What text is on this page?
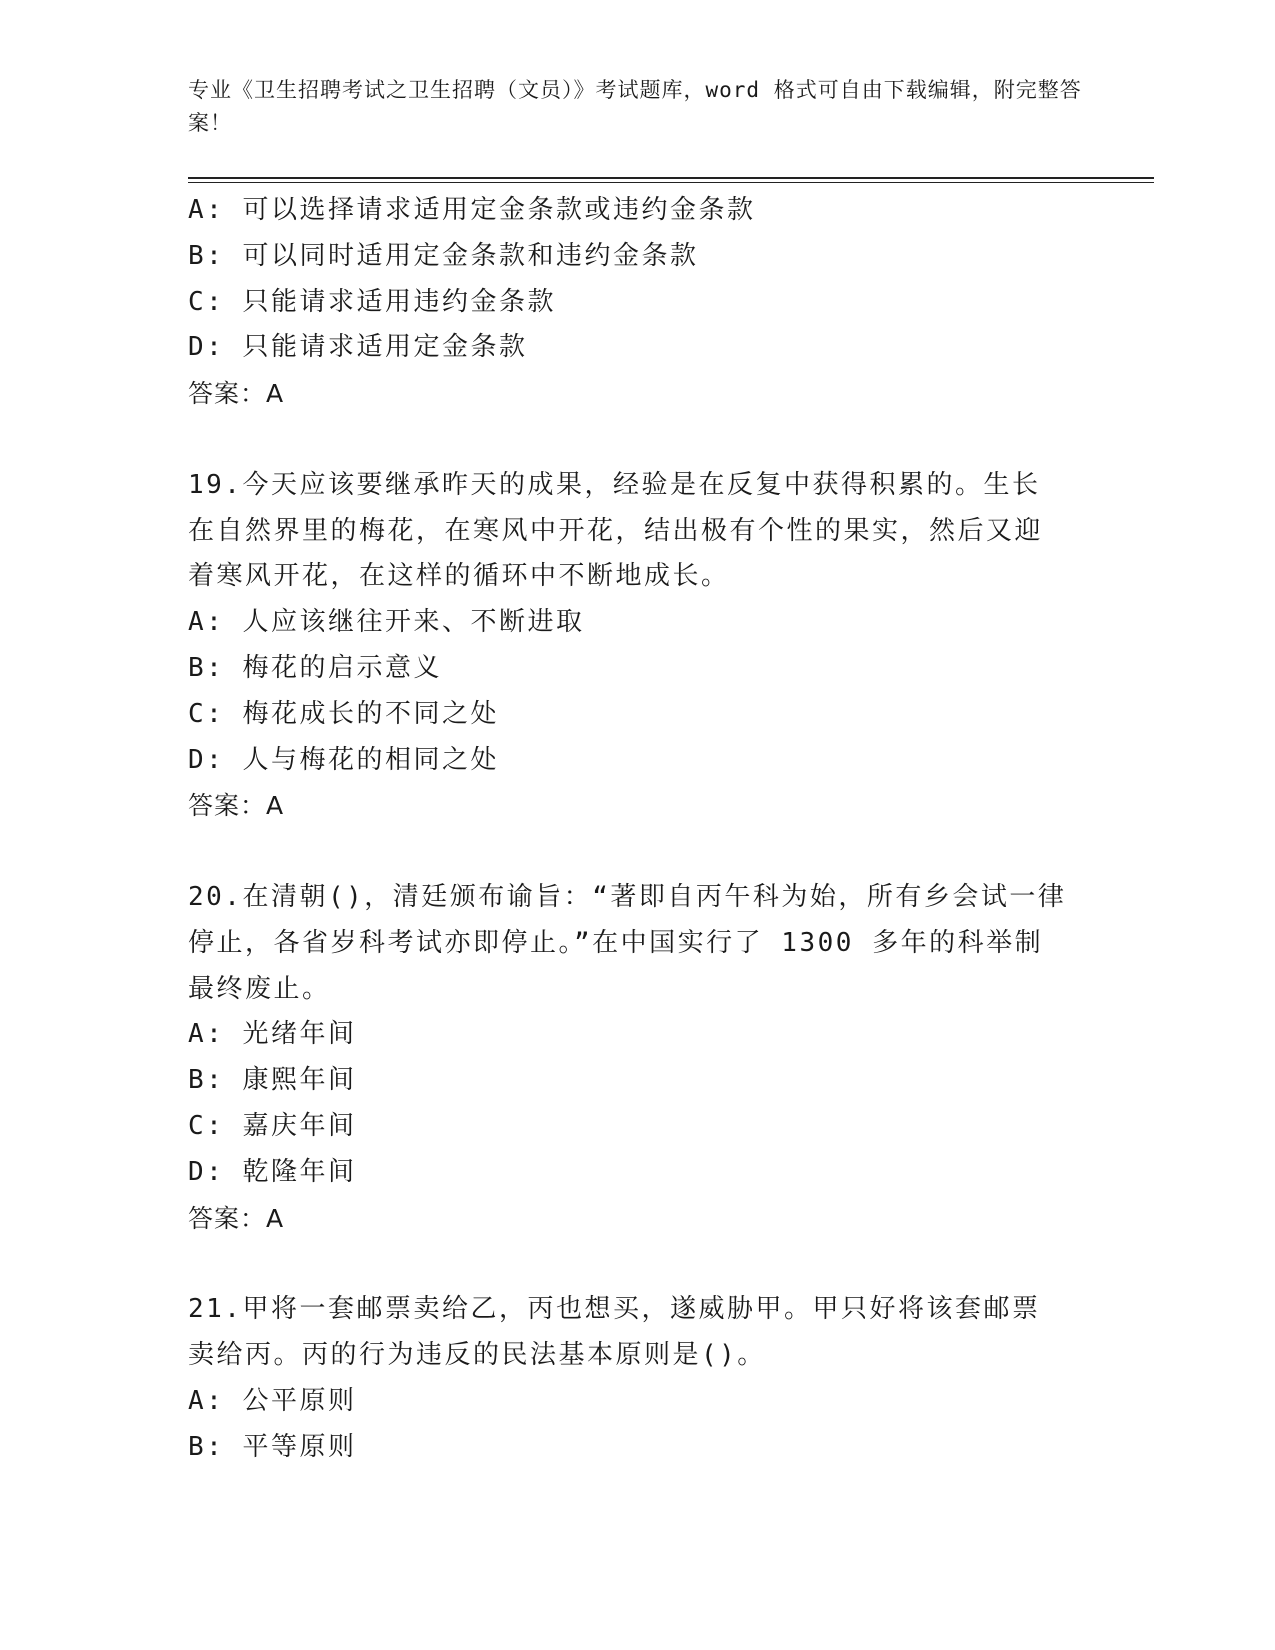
专业《卫生招聘考试之卫生招聘（文员）》考试题库，word 格式可自由下载编辑，附完整答案！
A: 可以选择请求适用定金条款或违约金条款
B: 可以同时适用定金条款和违约金条款
C: 只能请求适用违约金条款
D: 只能请求适用定金条款
答案：A
19.今天应该要继承昨天的成果，经验是在反复中获得积累的。生长在自然界里的梅花，在寒风中开花，结出极有个性的果实，然后又迎着寒风开花，在这样的循环中不断地成长。
A: 人应该继往开来、不断进取
B: 梅花的启示意义
C: 梅花成长的不同之处
D: 人与梅花的相同之处
答案：A
20.在清朝()，清廷颁布谕旨：“著即自丙午科为始，所有乡会试一律停止，各省岁科考试亦即停止。”在中国实行了 1300 多年的科举制最终废止。
A: 光绪年间
B: 康熙年间
C: 嘉庆年间
D: 乾隆年间
答案：A
21.甲将一套邮票卖给乙，丙也想买，遂威胁甲。甲只好将该套邮票卖给丙。丙的行为违反的民法基本原则是()。
A: 公平原则
B: 平等原则
